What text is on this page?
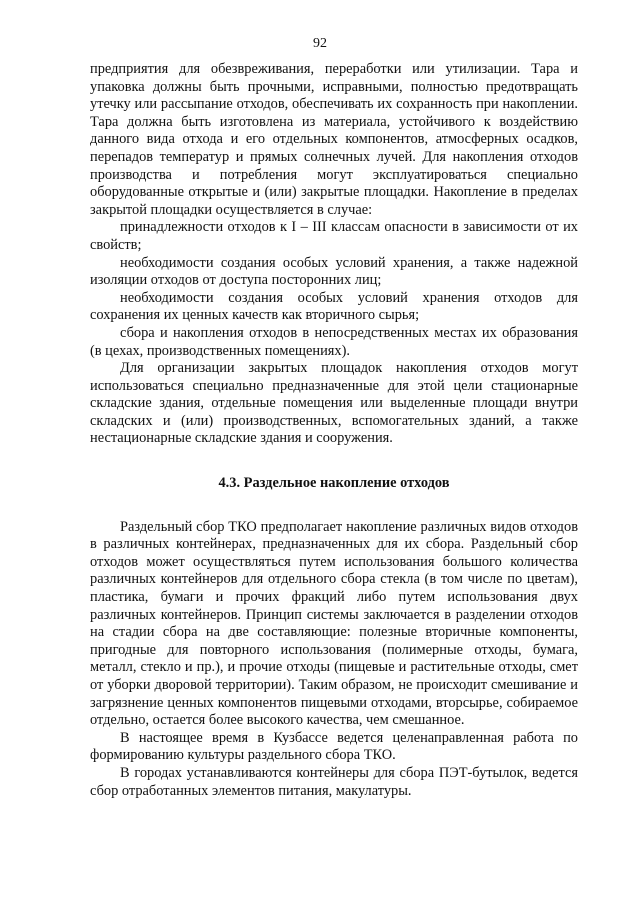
92

предприятия для обезвреживания, переработки или утилизации. Тара и упаковка должны быть прочными, исправными, полностью предотвращать утечку или рассыпание отходов, обеспечивать их сохранность при накоплении. Тара должна быть изготовлена из материала, устойчивого к воздействию данного вида отхода и его отдельных компонентов, атмосферных осадков, перепадов температур и прямых солнечных лучей. Для накопления отходов производства и потребления могут эксплуатироваться специально оборудованные открытые и (или) закрытые площадки. Накопление в пределах закрытой площадки осуществляется в случае:

принадлежности отходов к I – III классам опасности в зависимости от их свойств;

необходимости создания особых условий хранения, а также надежной изоляции отходов от доступа посторонних лиц;

необходимости создания особых условий хранения отходов для сохранения их ценных качеств как вторичного сырья;

сбора и накопления отходов в непосредственных местах их образования (в цехах, производственных помещениях).

Для организации закрытых площадок накопления отходов могут использоваться специально предназначенные для этой цели стационарные складские здания, отдельные помещения или выделенные площади внутри складских и (или) производственных, вспомогательных зданий, а также нестационарные складские здания и сооружения.

4.3. Раздельное накопление отходов

Раздельный сбор ТКО предполагает накопление различных видов отходов в различных контейнерах, предназначенных для их сбора. Раздельный сбор отходов может осуществляться путем использования большого количества различных контейнеров для отдельного сбора стекла (в том числе по цветам), пластика, бумаги и прочих фракций либо путем использования двух различных контейнеров. Принцип системы заключается в разделении отходов на стадии сбора на две составляющие: полезные вторичные компоненты, пригодные для повторного использования (полимерные отходы, бумага, металл, стекло и пр.), и прочие отходы (пищевые и растительные отходы, смет от уборки дворовой территории). Таким образом, не происходит смешивание и загрязнение ценных компонентов пищевыми отходами, вторсырье, собираемое отдельно, остается более высокого качества, чем смешанное.

В настоящее время в Кузбассе ведется целенаправленная работа по формированию культуры раздельного сбора ТКО.

В городах устанавливаются контейнеры для сбора ПЭТ-бутылок, ведется сбор отработанных элементов питания, макулатуры.
